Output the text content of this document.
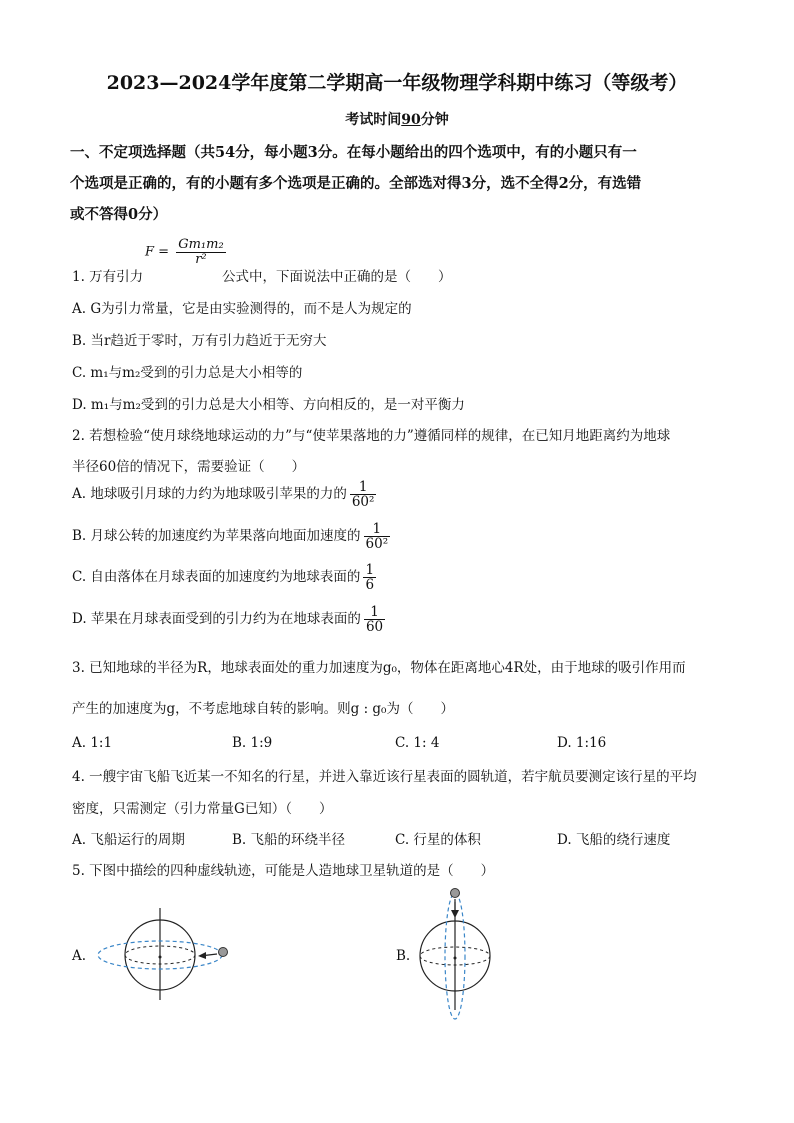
2023—2024学年度第二学期高一年级物理学科期中练习（等级考）
考试时间90分钟
一、不定项选择题（共54分，每小题3分。在每小题给出的四个选项中，有的小题只有一
个选项是正确的，有的小题有多个选项是正确的。全部选对得3分，选不全得2分，有选错
或不答得0分）
1. 万有引力
$F = \frac{\text{Gm₁m₂}}{\text{r²}}$
公式中，下面说法中正确的是（　　）
A. G为引力常量，它是由实验测得的，而不是人为规定的
B. 当r趋近于零时，万有引力趋近于无穷大
C. m₁与m₂受到的引力总是大小相等的
D. m₁与m₂受到的引力总是大小相等、方向相反的，是一对平衡力
2. 若想检验“使月球绕地球运动的力”与“使苹果落地的力”遵循同样的规律，在已知月地距离约为地球
半径60倍的情况下，需要验证（　　）
A. 地球吸引月球的力约为地球吸引苹果的力的 $\frac{1}{\text{60²}}$
B. 月球公转的加速度约为苹果落向地面加速度的 $\frac{1}{\text{60²}}$
C. 自由落体在月球表面的加速度约为地球表面的 $\frac{1}{6}$
D. 苹果在月球表面受到的引力约为在地球表面的 $\frac{1}{60}$
3. 已知地球的半径为R，地球表面处的重力加速度为g₀，物体在距离地心4R处，由于地球的吸引作用而
产生的加速度为g，不考虑地球自转的影响。则g : g₀为（　　）
A. 1:1	B. 1:9	C. 1: 4	D. 1:16
4. 一艘宇宙飞船飞近某一不知名的行星，并进入靠近该行星表面的圆轨道，若宇航员要测定该行星的平均
密度，只需测定（引力常量G已知）（　　）
A. 飞船运行的周期	B. 飞船的环绕半径	C. 行星的体积	D. 飞船的绕行速度
5. 下图中描绘的四种虚线轨迹，可能是人造地球卫星轨道的是（　　）
A.	B.
